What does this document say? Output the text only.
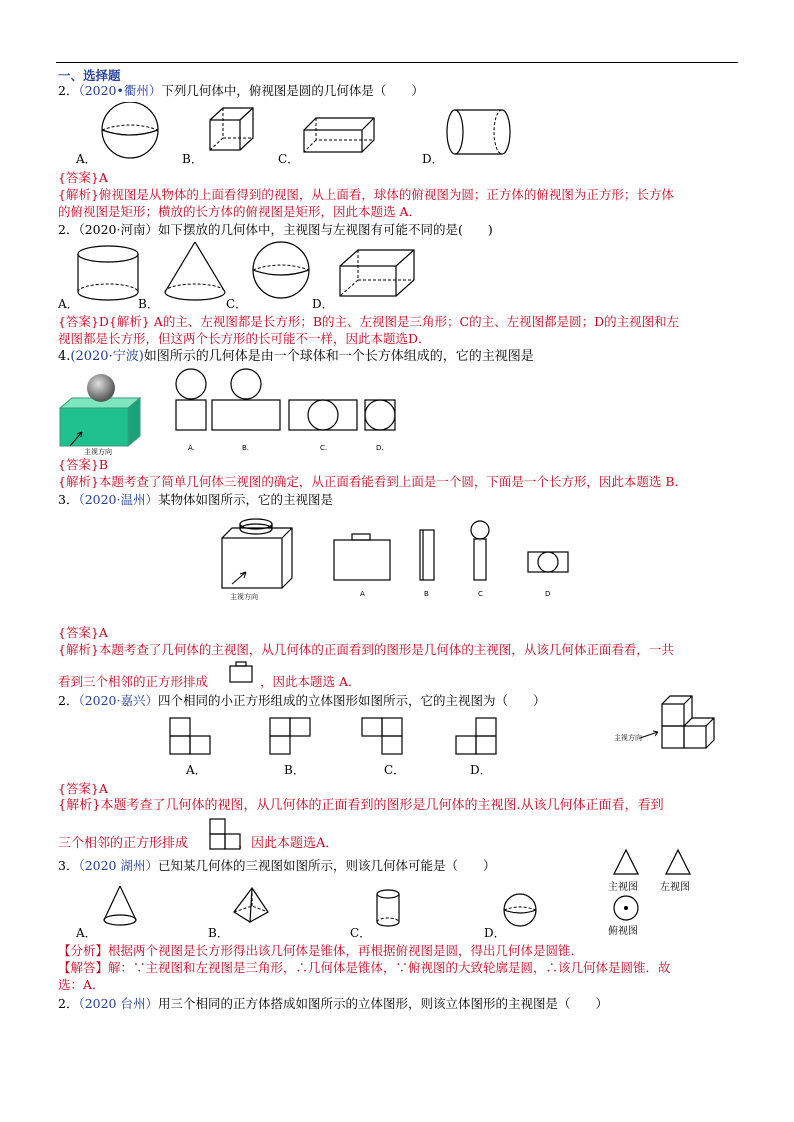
一、选择题
2．（2020•衢州）下列几何体中，俯视图是圆的几何体是（　　）
A．	B．	C．	D．
{答案}A
{解析}俯视图是从物体的上面看得到的视图，从上面看，球体的俯视图为圆；正方体的俯视图为正方形；长方体
的俯视图是矩形；横放的长方体的俯视图是矩形，因此本题选 A．
2．（2020·河南）如下摆放的几何体中，主视图与左视图有可能不同的是(　　)
A．	B．	C．	D．
{答案}D{解析} A的主、左视图都是长方形；B的主、左视图是三角形；C的主、左视图都是圆；D的主视图和左
视图都是长方形，但这两个长方形的长可能不一样，因此本题选D．
4.(2020·宁波)如图所示的几何体是由一个球体和一个长方体组成的，它的主视图是
主视方向	A.	B.	C.	D.
{答案}B
{解析}本题考查了简单几何体三视图的确定，从正面看能看到上面是一个圆，下面是一个长方形，因此本题选 B．
3．（2020·温州）某物体如图所示，它的主视图是
主视方向	A	B	C	D
{答案}A
{解析}本题考查了几何体的主视图，从几何体的正面看到的图形是几何体的主视图，从该几何体正面看看，一共
看到三个相邻的正方形排成	，因此本题选 A．
2．（2020·嘉兴）四个相同的小正方形组成的立体图形如图所示，它的主视图为（　　）
A．	B．	C．	D．
主视方向
{答案}A
{解析}本题考查了几何体的视图，从几何体的正面看到的图形是几何体的主视图.从该几何体正面看，看到
三个相邻的正方形排成	，因此本题选A．
3．（2020 湖州）已知某几何体的三视图如图所示，则该几何体可能是（　　）
主视图 左视图
俯视图
A．	B．	C．	D．
【分析】根据两个视图是长方形得出该几何体是锥体，再根据俯视图是圆，得出几何体是圆锥．
【解答】解：∵主视图和左视图是三角形，∴几何体是锥体，∵俯视图的大致轮廓是圆，∴该几何体是圆锥．故
选：A．
2．（2020 台州）用三个相同的正方体搭成如图所示的立体图形，则该立体图形的主视图是（　　）
